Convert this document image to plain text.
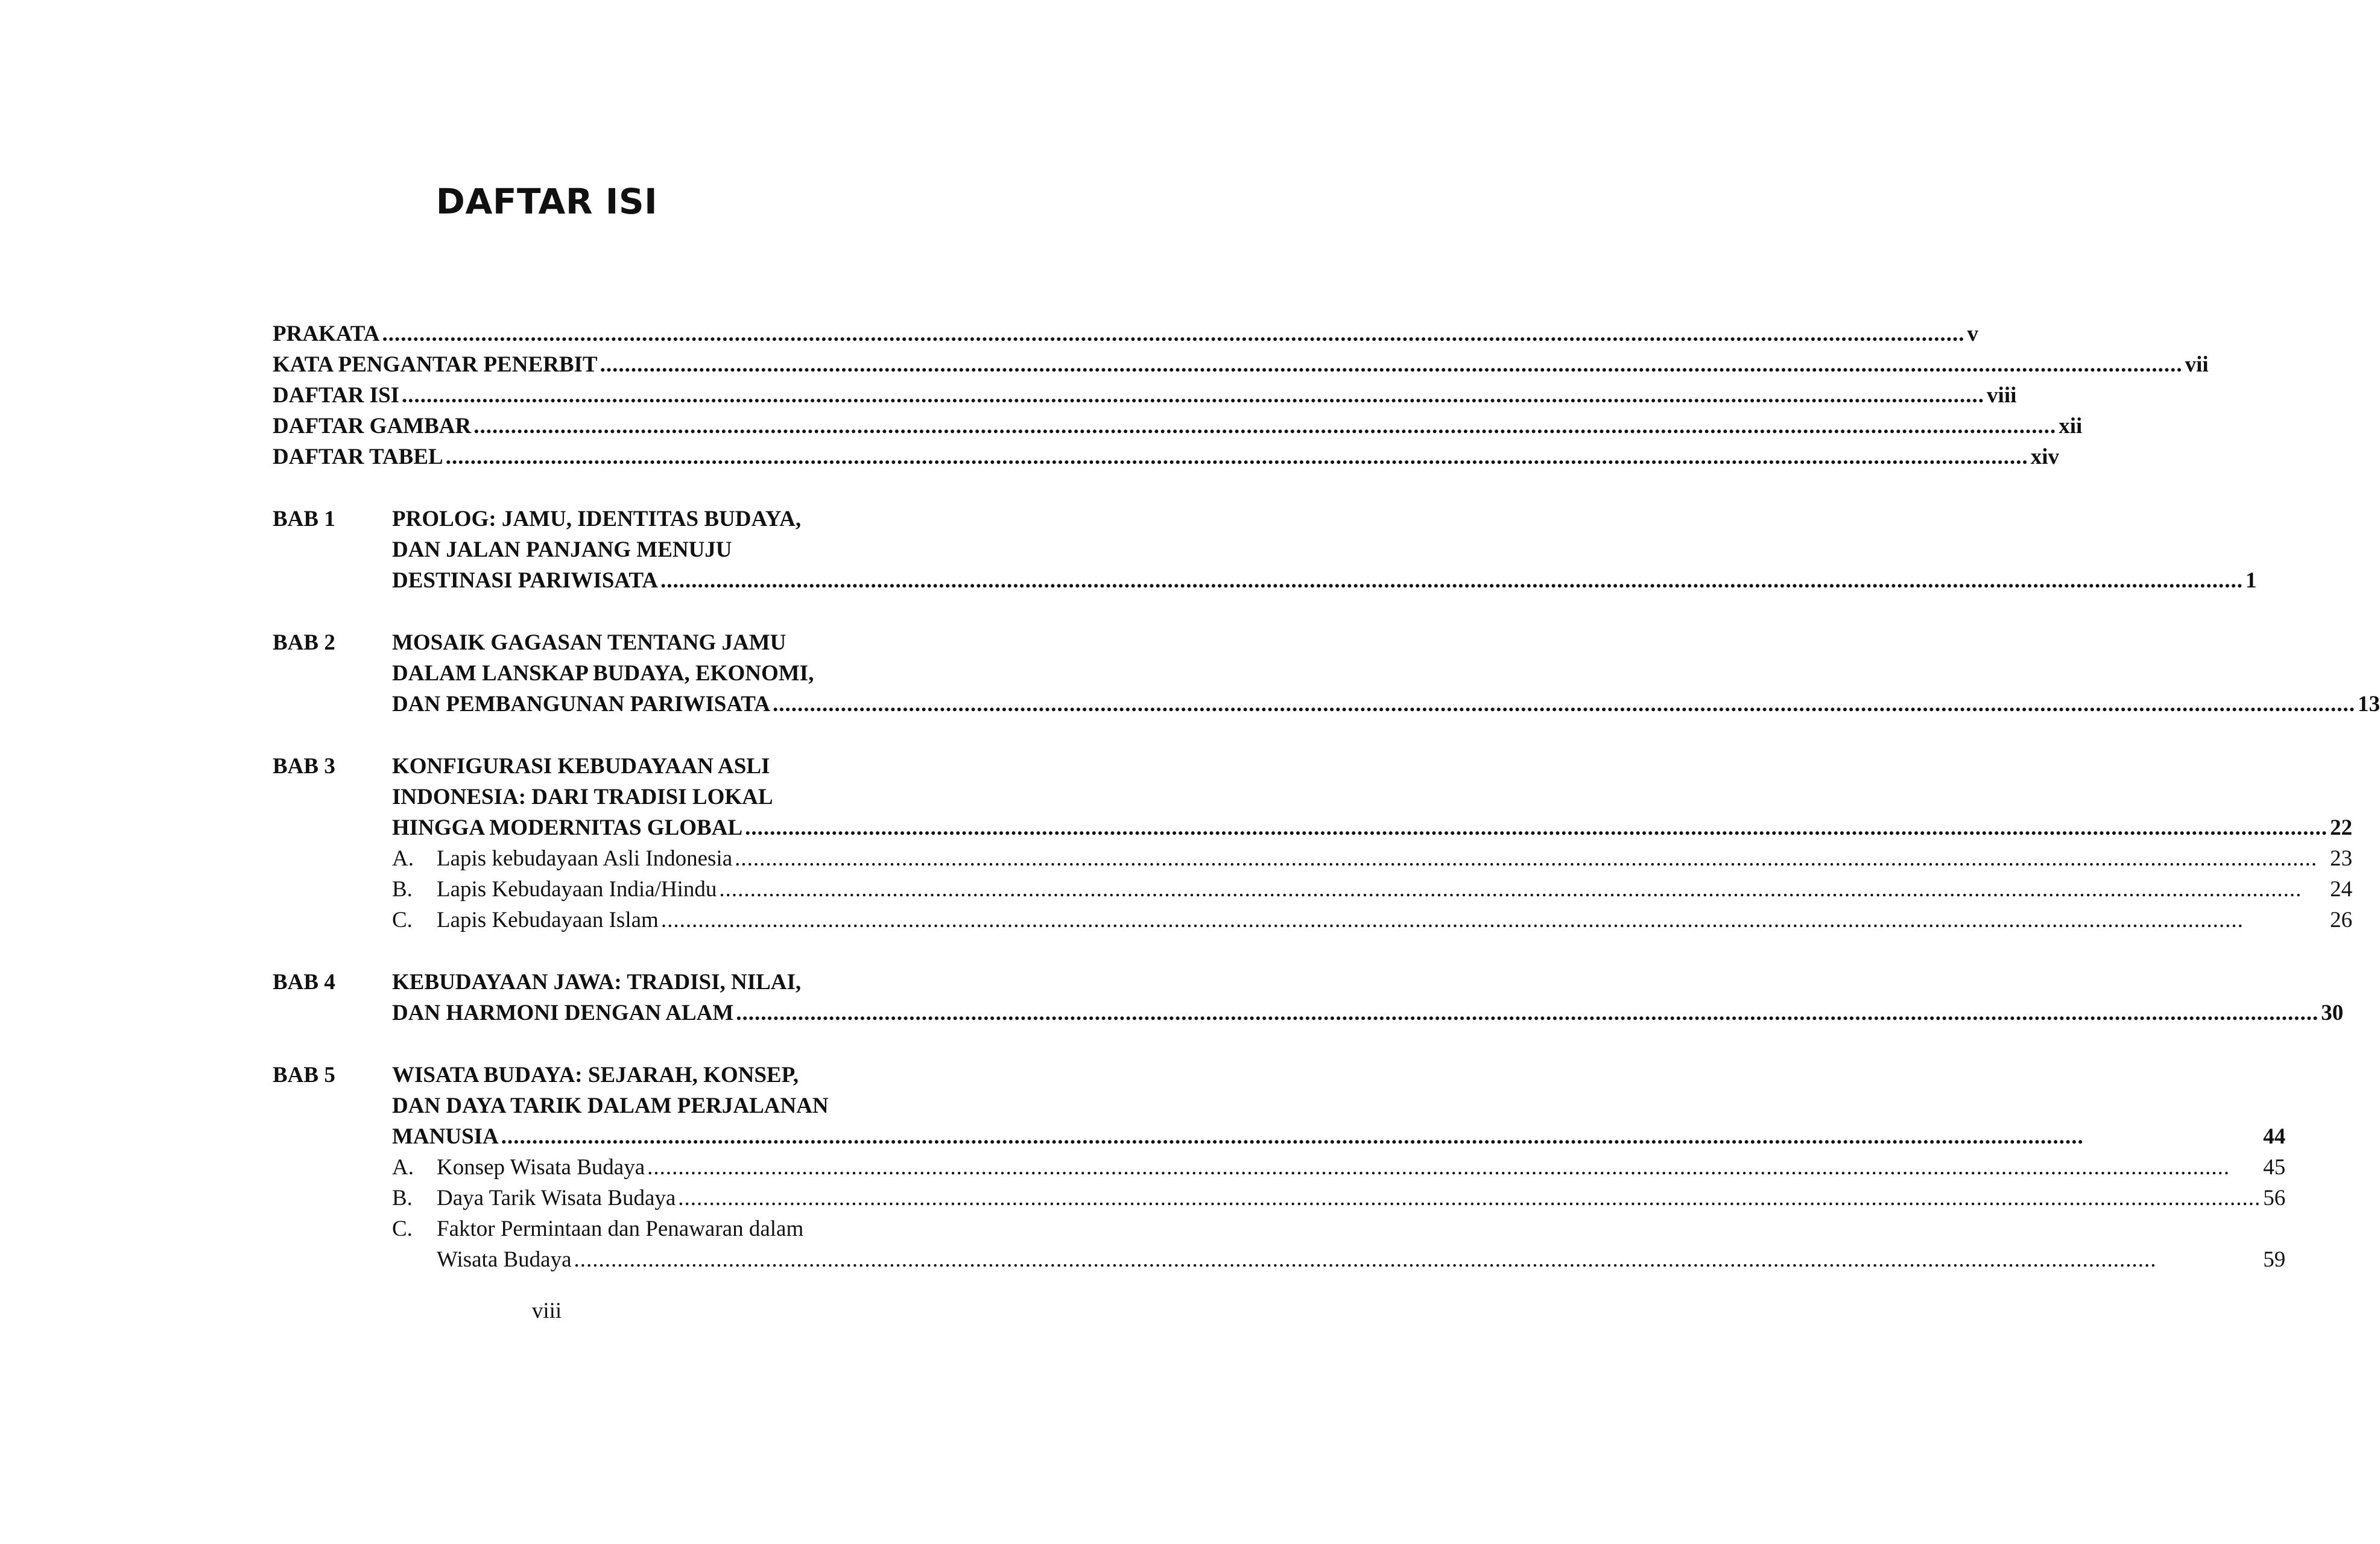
DAFTAR ISI
PRAKATA .....	v
KATA PENGANTAR PENERBIT .....	vii
DAFTAR ISI .....	viii
DAFTAR GAMBAR .....	xii
DAFTAR TABEL .....	xiv
BAB 1	PROLOG: JAMU, IDENTITAS BUDAYA,
DAN JALAN PANJANG MENUJU
DESTINASI PARIWISATA .....	1
BAB 2	MOSAIK GAGASAN TENTANG JAMU
DALAM LANSKAP BUDAYA, EKONOMI,
DAN PEMBANGUNAN PARIWISATA .....	13
BAB 3	KONFIGURASI KEBUDAYAAN ASLI
INDONESIA: DARI TRADISI LOKAL
HINGGA MODERNITAS GLOBAL .....	22
A.	Lapis kebudayaan Asli Indonesia .....	23
B.	Lapis Kebudayaan India/Hindu .....	24
C.	Lapis Kebudayaan Islam .....	26
BAB 4	KEBUDAYAAN JAWA: TRADISI, NILAI,
DAN HARMONI DENGAN ALAM .....	30
BAB 5	WISATA BUDAYA: SEJARAH, KONSEP,
DAN DAYA TARIK DALAM PERJALANAN
MANUSIA .....	44
A.	Konsep Wisata Budaya .....	45
B.	Daya Tarik Wisata Budaya .....	56
C.	Faktor Permintaan dan Penawaran dalam
Wisata Budaya .....	59
viii
